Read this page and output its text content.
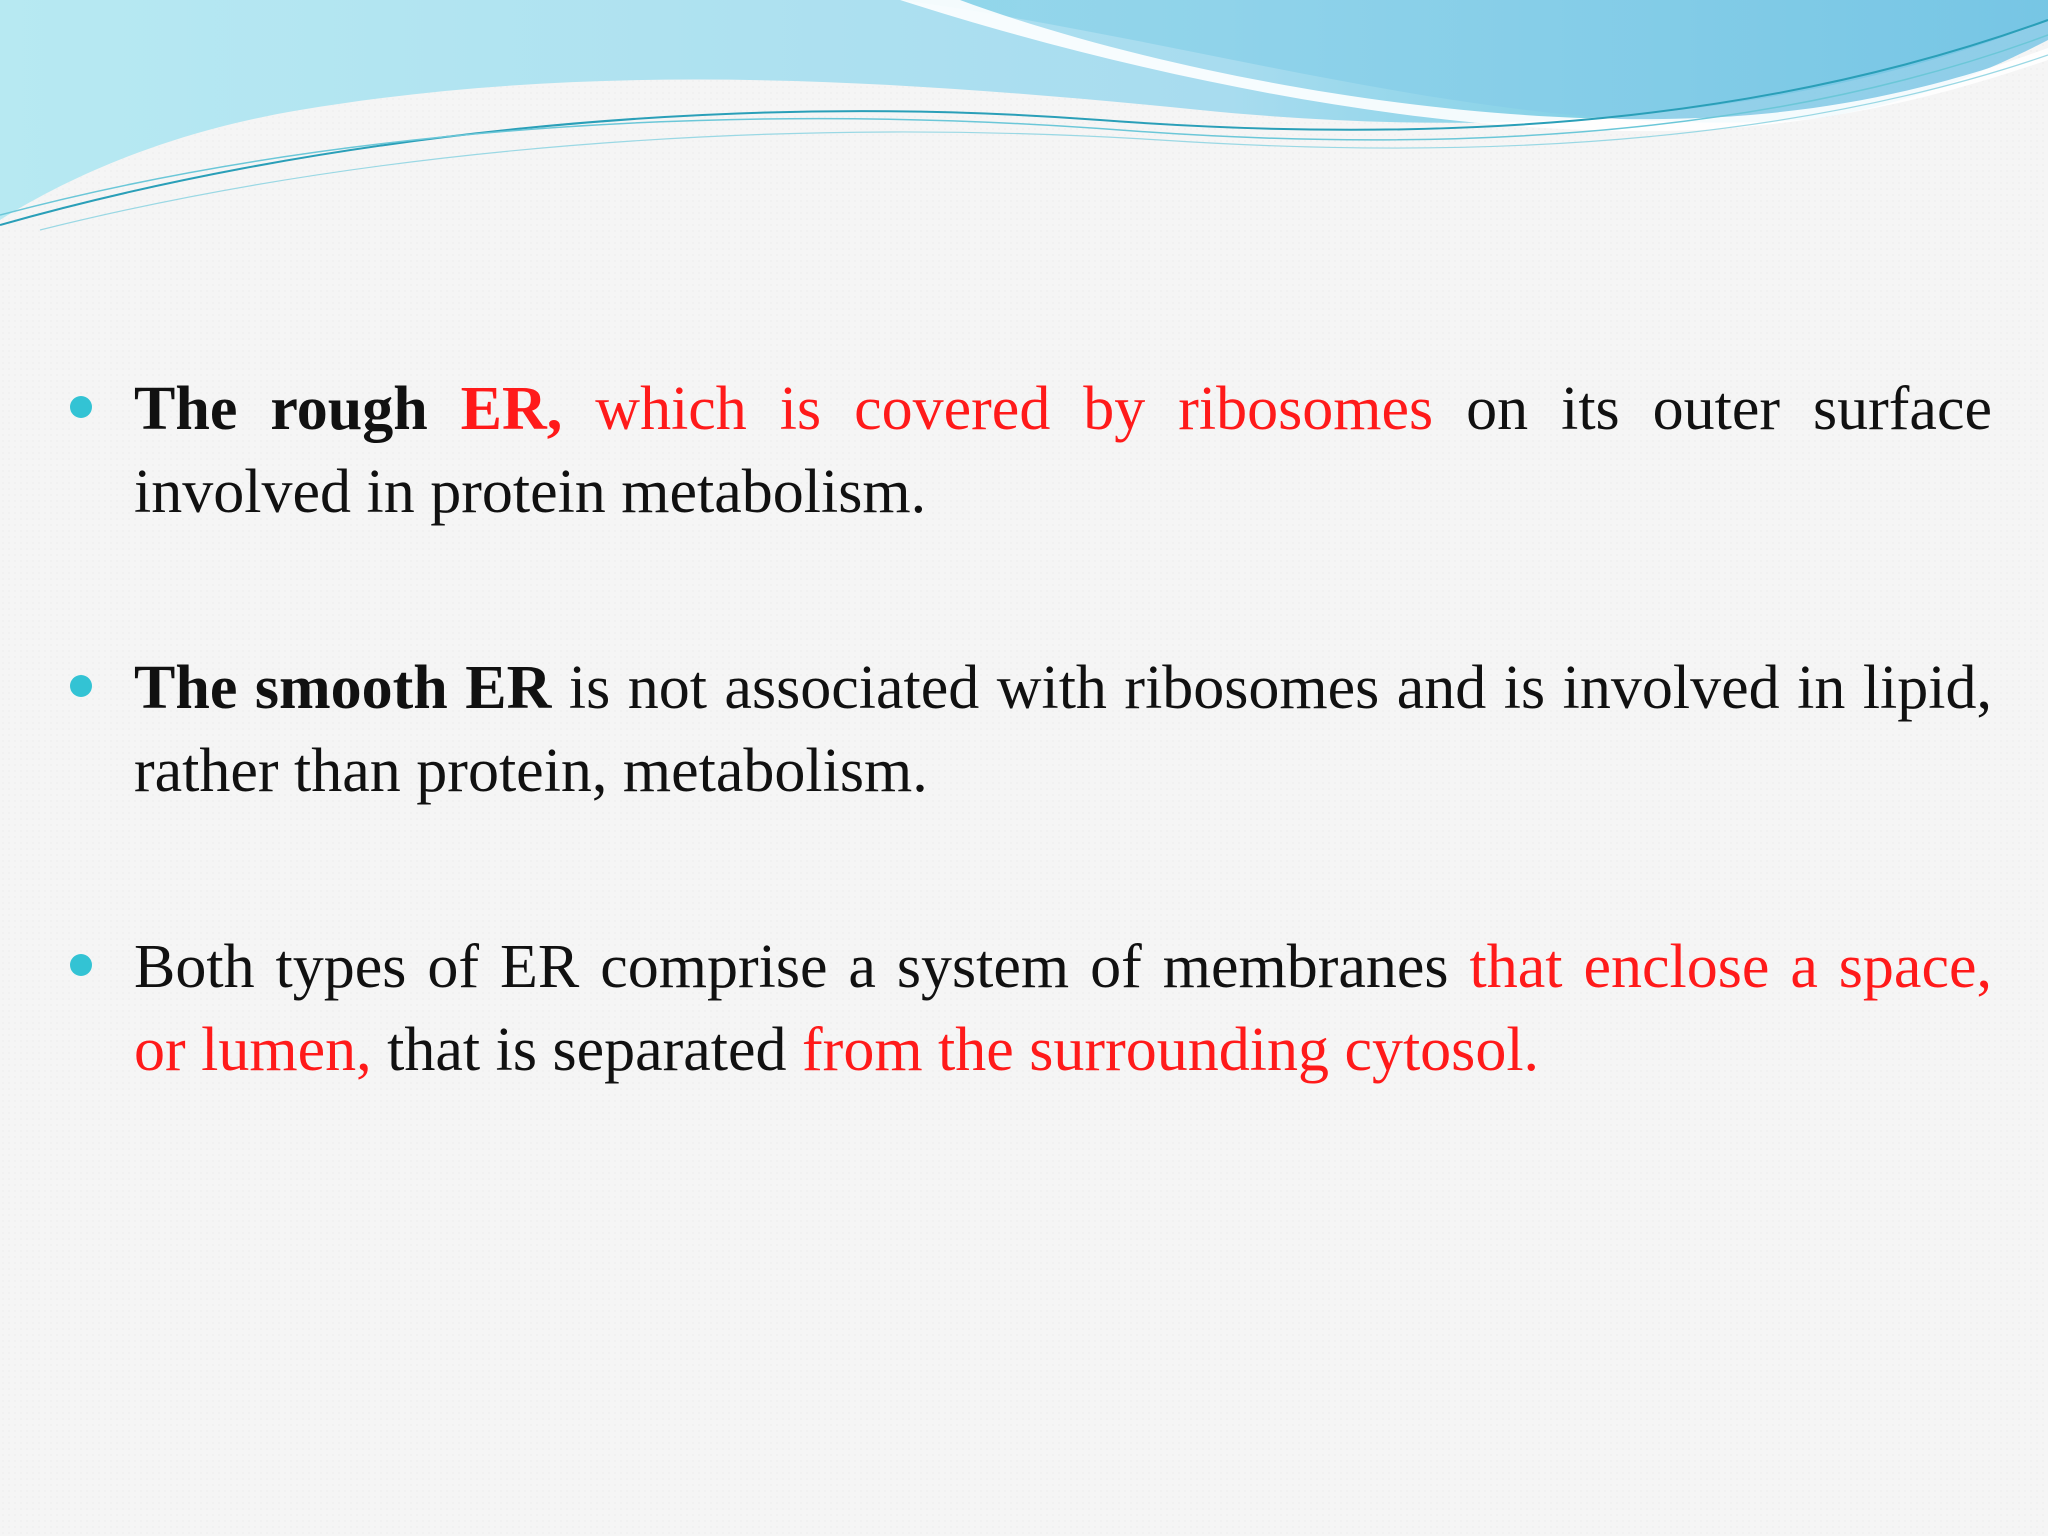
The rough ER, which is covered by ribosomes on its outer surface involved in protein metabolism.
The smooth ER is not associated with ribosomes and is involved in lipid, rather than protein, metabolism.
Both types of ER comprise a system of membranes that enclose a space, or lumen, that is separated from the surrounding cytosol.
